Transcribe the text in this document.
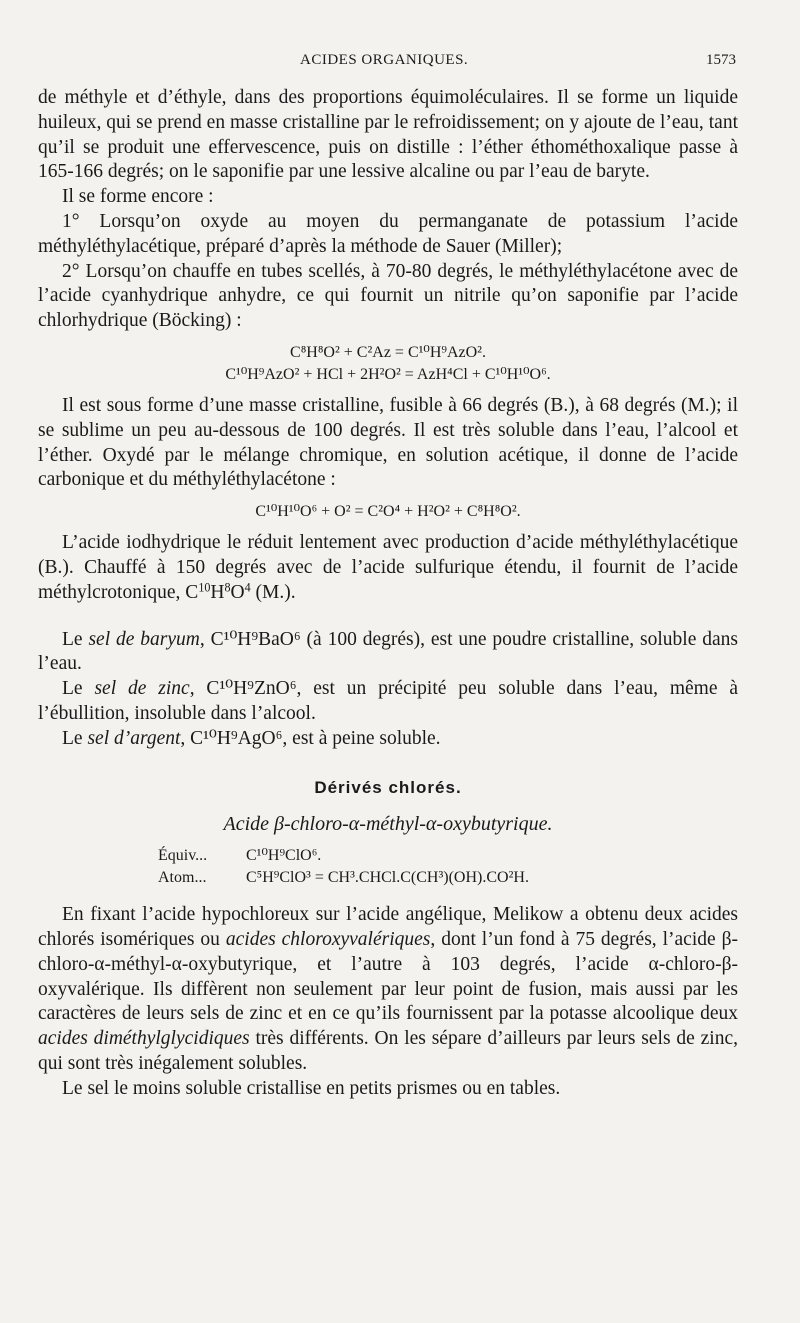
ACIDES ORGANIQUES.	1573

de méthyle et d’éthyle, dans des proportions équimoléculaires. Il se forme un liquide huileux, qui se prend en masse cristalline par le refroidissement; on y ajoute de l’eau, tant qu’il se produit une effervescence, puis on distille : l’éther éthométhoxalique passe à 165-166 degrés; on le saponifie par une lessive alcaline ou par l’eau de baryte.

Il se forme encore :

1° Lorsqu’on oxyde au moyen du permanganate de potassium l’acide méthyléthylacétique, préparé d’après la méthode de Sauer (Miller);

2° Lorsqu’on chauffe en tubes scellés, à 70-80 degrés, le méthyléthylacétone avec de l’acide cyanhydrique anhydre, ce qui fournit un nitrile qu’on saponifie par l’acide chlorhydrique (Böcking) :

C⁸H⁸O² + C²Az = C¹⁰H⁹AzO².

C¹⁰H⁹AzO² + HCl + 2H²O² = AzH⁴Cl + C¹⁰H¹⁰O⁶.

Il est sous forme d’une masse cristalline, fusible à 66 degrés (B.), à 68 degrés (M.); il se sublime un peu au-dessous de 100 degrés. Il est très soluble dans l’eau, l’alcool et l’éther. Oxydé par le mélange chromique, en solution acétique, il donne de l’acide carbonique et du méthyléthylacétone :

C¹⁰H¹⁰O⁶ + O² = C²O⁴ + H²O² + C⁸H⁸O².

L’acide iodhydrique le réduit lentement avec production d’acide méthyléthylacétique (B.). Chauffé à 150 degrés avec de l’acide sulfurique étendu, il fournit de l’acide méthylcrotonique, $C^{10}H^8O^4$ (M.).

Le sel de baryum, C¹⁰H⁹BaO⁶ (à 100 degrés), est une poudre cristalline, soluble dans l’eau.

Le sel de zinc, C¹⁰H⁹ZnO⁶, est un précipité peu soluble dans l’eau, même à l’ébullition, insoluble dans l’alcool.

Le sel d’argent, C¹⁰H⁹AgO⁶, est à peine soluble.

Dérivés chlorés.
Acide β-chloro-α-méthyl-α-oxybutyrique.
Équiv... C¹⁰H⁹ClO⁶.
Atom... C⁵H⁹ClO³ = CH³.CHCl.C(CH³)(OH).CO²H.

En fixant l’acide hypochloreux sur l’acide angélique, Melikow a obtenu deux acides chlorés isomériques ou acides chloroxyvalériques, dont l’un fond à 75 degrés, l’acide β-chloro-α-méthyl-α-oxybutyrique, et l’autre à 103 degrés, l’acide α-chloro-β-oxyvalérique. Ils diffèrent non seulement par leur point de fusion, mais aussi par les caractères de leurs sels de zinc et en ce qu’ils fournissent par la potasse alcoolique deux acides diméthylglycidiques très différents. On les sépare d’ailleurs par leurs sels de zinc, qui sont très inégalement solubles.

Le sel le moins soluble cristallise en petits prismes ou en tables.
